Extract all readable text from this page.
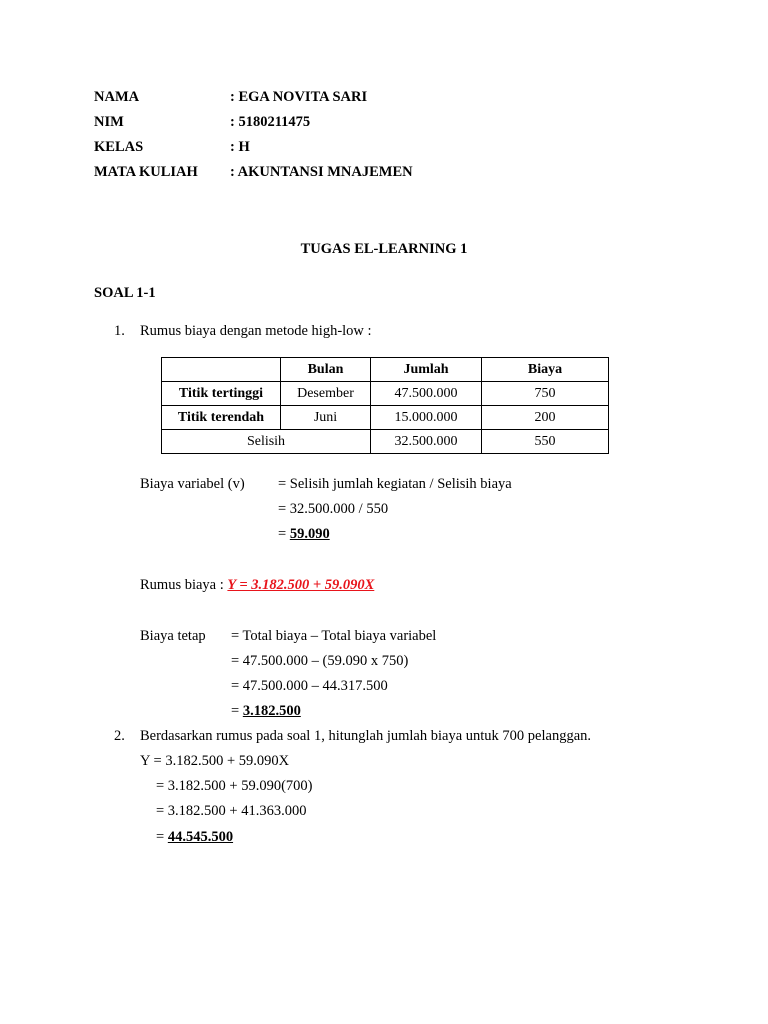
NAMA	: EGA NOVITA SARI
NIM	: 5180211475
KELAS	: H
MATA KULIAH : AKUNTANSI MNAJEMEN
TUGAS EL-LEARNING 1
SOAL 1-1
1. Rumus biaya dengan metode high-low :
	Bulan	Jumlah	Biaya
Titik tertinggi	Desember	47.500.000	750
Titik terendah	Juni	15.000.000	200
Selisih		32.500.000	550
Biaya variabel (v) = Selisih jumlah kegiatan / Selisih biaya
= 32.500.000 / 550
= 59.090
Rumus biaya : Y = 3.182.500 + 59.090X
Biaya tetap = Total biaya – Total biaya variabel
= 47.500.000 – (59.090 x 750)
= 47.500.000 – 44.317.500
= 3.182.500
2. Berdasarkan rumus pada soal 1, hitunglah jumlah biaya untuk 700 pelanggan.
Y = 3.182.500 + 59.090X
= 3.182.500 + 59.090(700)
= 3.182.500 + 41.363.000
= 44.545.500
